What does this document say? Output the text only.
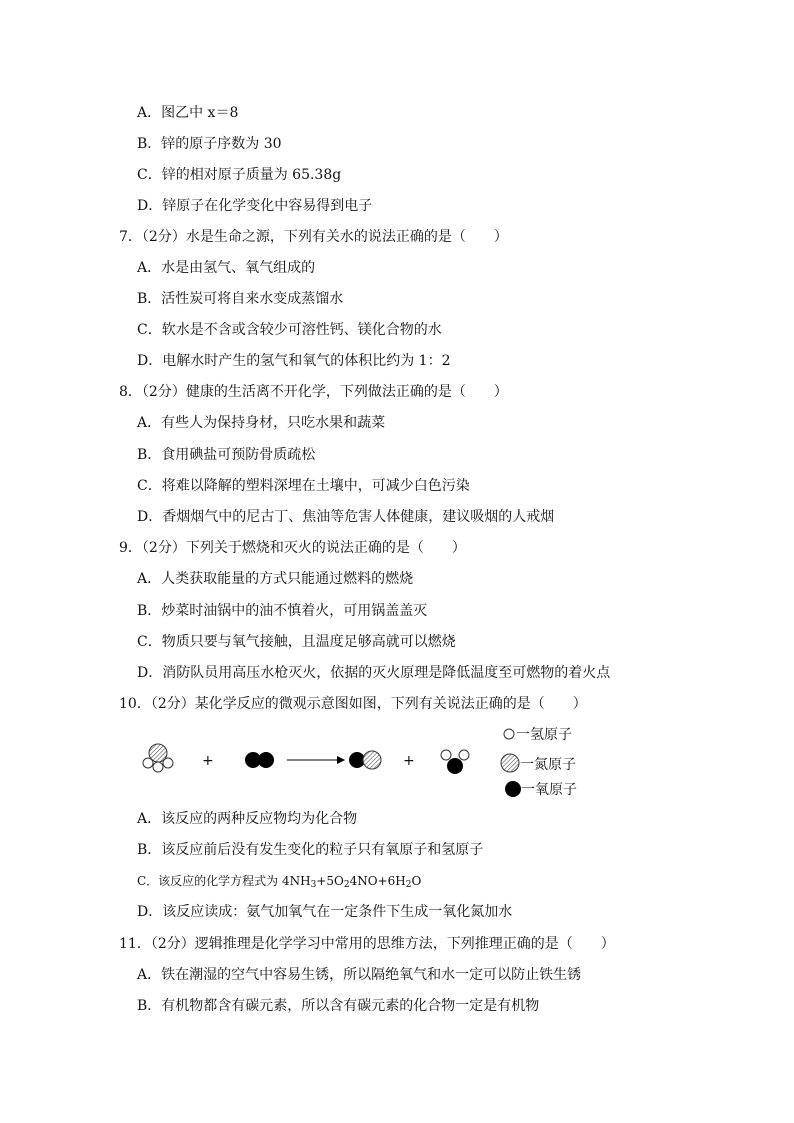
A．图乙中 x＝8
B．锌的原子序数为 30
C．锌的相对原子质量为 65.38g
D．锌原子在化学变化中容易得到电子
7．（2分）水是生命之源，下列有关水的说法正确的是（　　）
A．水是由氢气、氧气组成的
B．活性炭可将自来水变成蒸馏水
C．软水是不含或含较少可溶性钙、镁化合物的水
D．电解水时产生的氢气和氧气的体积比约为 1：2
8．（2分）健康的生活离不开化学，下列做法正确的是（　　）
A．有些人为保持身材，只吃水果和蔬菜
B．食用碘盐可预防骨质疏松
C．将难以降解的塑料深埋在土壤中，可减少白色污染
D．香烟烟气中的尼古丁、焦油等危害人体健康，建议吸烟的人戒烟
9．（2分）下列关于燃烧和灭火的说法正确的是（　　）
A．人类获取能量的方式只能通过燃料的燃烧
B．炒菜时油锅中的油不慎着火，可用锅盖盖灭
C．物质只要与氧气接触，且温度足够高就可以燃烧
D．消防队员用高压水枪灭火，依据的灭火原理是降低温度至可燃物的着火点
10．（2分）某化学反应的微观示意图如图，下列有关说法正确的是（　　）
+	+
一氢原子
一氮原子
一氧原子
A．该反应的两种反应物均为化合物
B．该反应前后没有发生变化的粒子只有氧原子和氢原子
C．该反应的化学方程式为 $4NH_3+5O_24NO+6H_2O$
D．该反应读成：氨气加氧气在一定条件下生成一氧化氮加水
11．（2分）逻辑推理是化学学习中常用的思维方法，下列推理正确的是（　　）
A．铁在潮湿的空气中容易生锈，所以隔绝氧气和水一定可以防止铁生锈
B．有机物都含有碳元素，所以含有碳元素的化合物一定是有机物
